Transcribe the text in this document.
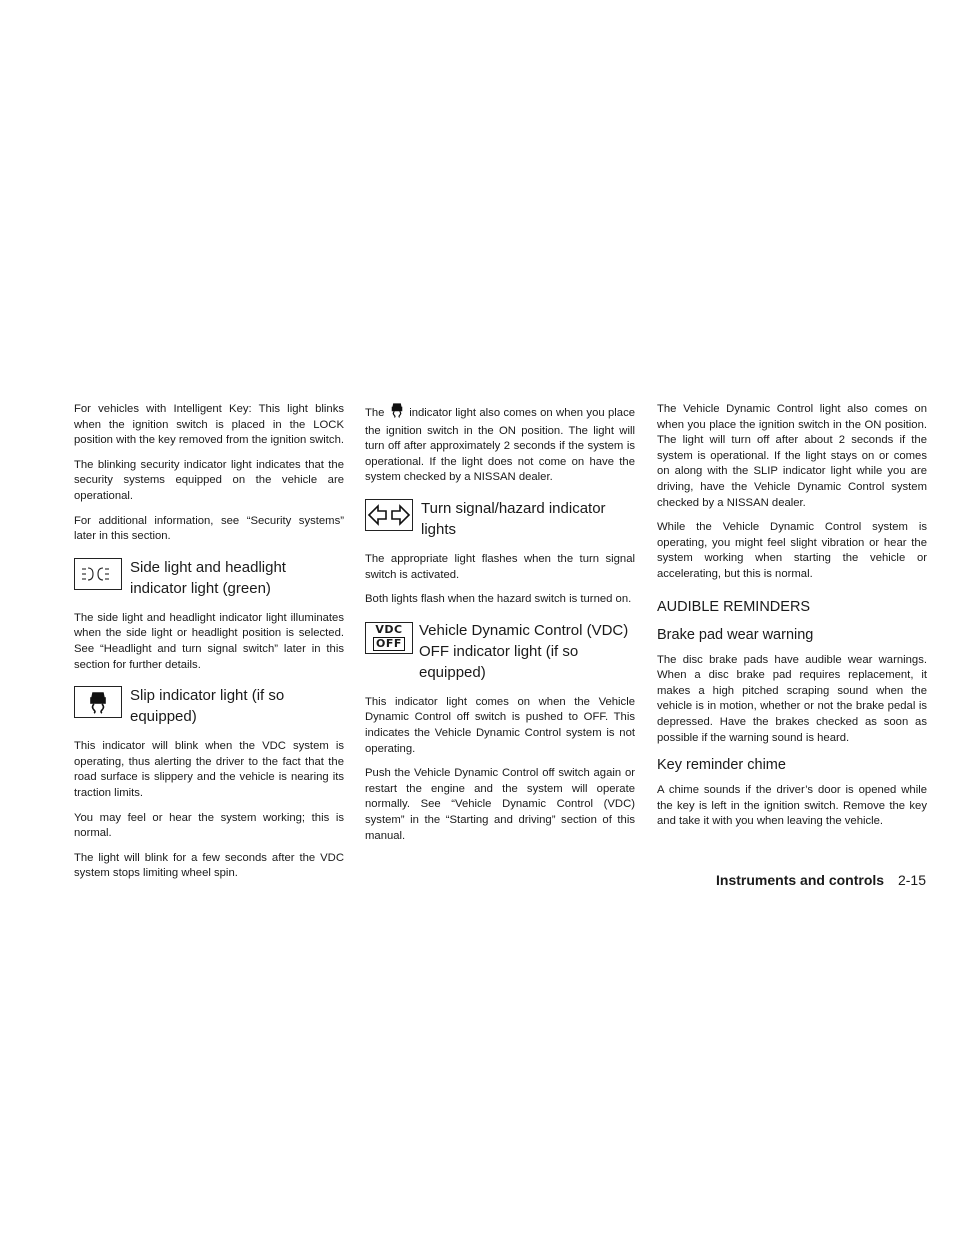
For vehicles with Intelligent Key: This light blinks when the ignition switch is placed in the LOCK position with the key removed from the ignition switch.

The blinking security indicator light indicates that the security systems equipped on the vehicle are operational.

For additional information, see “Security systems” later in this section.

Side light and headlight indicator light (green)

The side light and headlight indicator light illuminates when the side light or headlight position is selected. See “Headlight and turn signal switch” later in this section for further details.

Slip indicator light (if so equipped)

This indicator will blink when the VDC system is operating, thus alerting the driver to the fact that the road surface is slippery and the vehicle is nearing its traction limits.

You may feel or hear the system working; this is normal.

The light will blink for a few seconds after the VDC system stops limiting wheel spin.

The indicator light also comes on when you place the ignition switch in the ON position. The light will turn off after approximately 2 seconds if the system is operational. If the light does not come on have the system checked by a NISSAN dealer.

Turn signal/hazard indicator lights

The appropriate light flashes when the turn signal switch is activated.

Both lights flash when the hazard switch is turned on.

VDC
OFF
Vehicle Dynamic Control (VDC) OFF indicator light (if so equipped)

This indicator light comes on when the Vehicle Dynamic Control off switch is pushed to OFF. This indicates the Vehicle Dynamic Control system is not operating.

Push the Vehicle Dynamic Control off switch again or restart the engine and the system will operate normally. See “Vehicle Dynamic Control (VDC) system” in the “Starting and driving” section of this manual.

The Vehicle Dynamic Control light also comes on when you place the ignition switch in the ON position. The light will turn off after about 2 seconds if the system is operational. If the light stays on or comes on along with the SLIP indicator light while you are driving, have the Vehicle Dynamic Control system checked by a NISSAN dealer.

While the Vehicle Dynamic Control system is operating, you might feel slight vibration or hear the system working when starting the vehicle or accelerating, but this is normal.

AUDIBLE REMINDERS
Brake pad wear warning

The disc brake pads have audible wear warnings. When a disc brake pad requires replacement, it makes a high pitched scraping sound when the vehicle is in motion, whether or not the brake pedal is depressed. Have the brakes checked as soon as possible if the warning sound is heard.

Key reminder chime

A chime sounds if the driver’s door is opened while the key is left in the ignition switch. Remove the key and take it with you when leaving the vehicle.

Instruments and controls 2-15
